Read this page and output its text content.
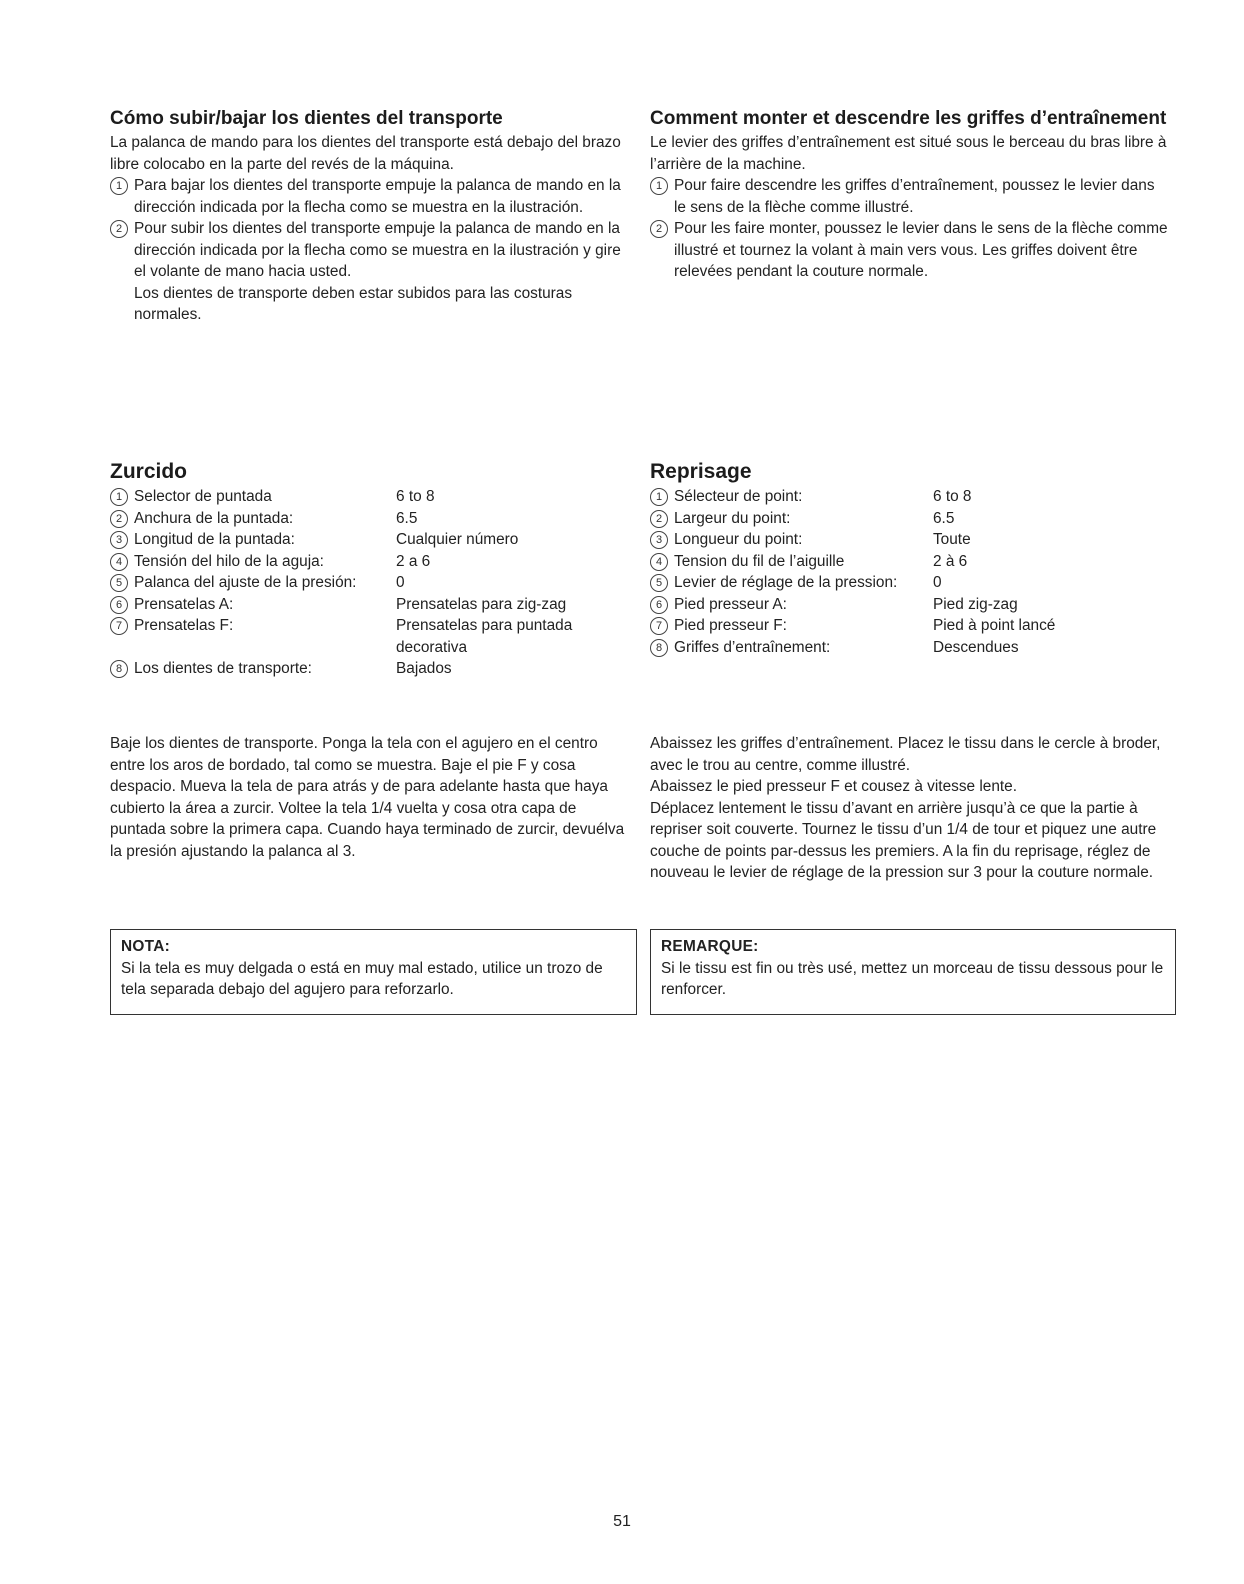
Cómo subir/bajar los dientes del transporte

La palanca de mando para los dientes del transporte está debajo del brazo libre colocabo en la parte del revés de la máquina.

1 Para bajar los dientes del transporte empuje la palanca de mando en la dirección indicada por la flecha como se muestra en la ilustración.
2 Pour subir los dientes del transporte empuje la palanca de mando en la dirección indicada por la flecha como se muestra en la ilustración y gire el volante de mano hacia usted.

Los dientes de transporte deben estar subidos para las costuras normales.

Comment monter et descendre les griffes d’entraînement

Le levier des griffes d’entraînement est situé sous le berceau du bras libre à l’arrière de la machine.

1 Pour faire descendre les griffes d’entraînement, poussez le levier dans le sens de la flèche comme illustré.
2 Pour les faire monter, poussez le levier dans le sens de la flèche comme illustré et tournez la volant à main vers vous. Les griffes doivent être relevées pendant la couture normale.
Zurcido
1 Selector de puntada	6 to 8

2 Anchura de la puntada:	6.5

3 Longitud de la puntada:	Cualquier número

4 Tensión del hilo de la aguja:	2 a 6

5 Palanca del ajuste de la presión:	0

6 Prensatelas A:	Prensatelas para zig-zag

7 Prensatelas F:	Prensatelas para puntada decorativa

8 Los dientes de transporte:	Bajados
Reprisage
1 Sélecteur de point:	6 to 8

2 Largeur du point:	6.5

3 Longueur du point:	Toute

4 Tension du fil de l’aiguille	2 à 6

5 Levier de réglage de la pression:	0

6 Pied presseur A:	Pied zig-zag

7 Pied presseur F:	Pied à point lancé

8 Griffes d’entraînement:	Descendues

Baje los dientes de transporte. Ponga la tela con el agujero en el centro entre los aros de bordado, tal como se muestra. Baje el pie F y cosa despacio. Mueva la tela de para atrás y de para adelante hasta que haya cubierto la área a zurcir. Voltee la tela 1/4 vuelta y cosa otra capa de puntada sobre la primera capa. Cuando haya terminado de zurcir, devuélva la presión ajustando la palanca al 3.

Abaissez les griffes d’entraînement. Placez le tissu dans le cercle à broder, avec le trou au centre, comme illustré.

Abaissez le pied presseur F et cousez à vitesse lente.

Déplacez lentement le tissu d’avant en arrière jusqu’à ce que la partie à repriser soit couverte. Tournez le tissu d’un 1/4 de tour et piquez une autre couche de points par-dessus les premiers. A la fin du reprisage, réglez de nouveau le levier de réglage de la pression sur 3 pour la couture normale.

NOTA:
Si la tela es muy delgada o está en muy mal estado, utilice un trozo de tela separada debajo del agujero para reforzarlo.
REMARQUE:
Si le tissu est fin ou très usé, mettez un morceau de tissu dessous pour le renforcer.
51
